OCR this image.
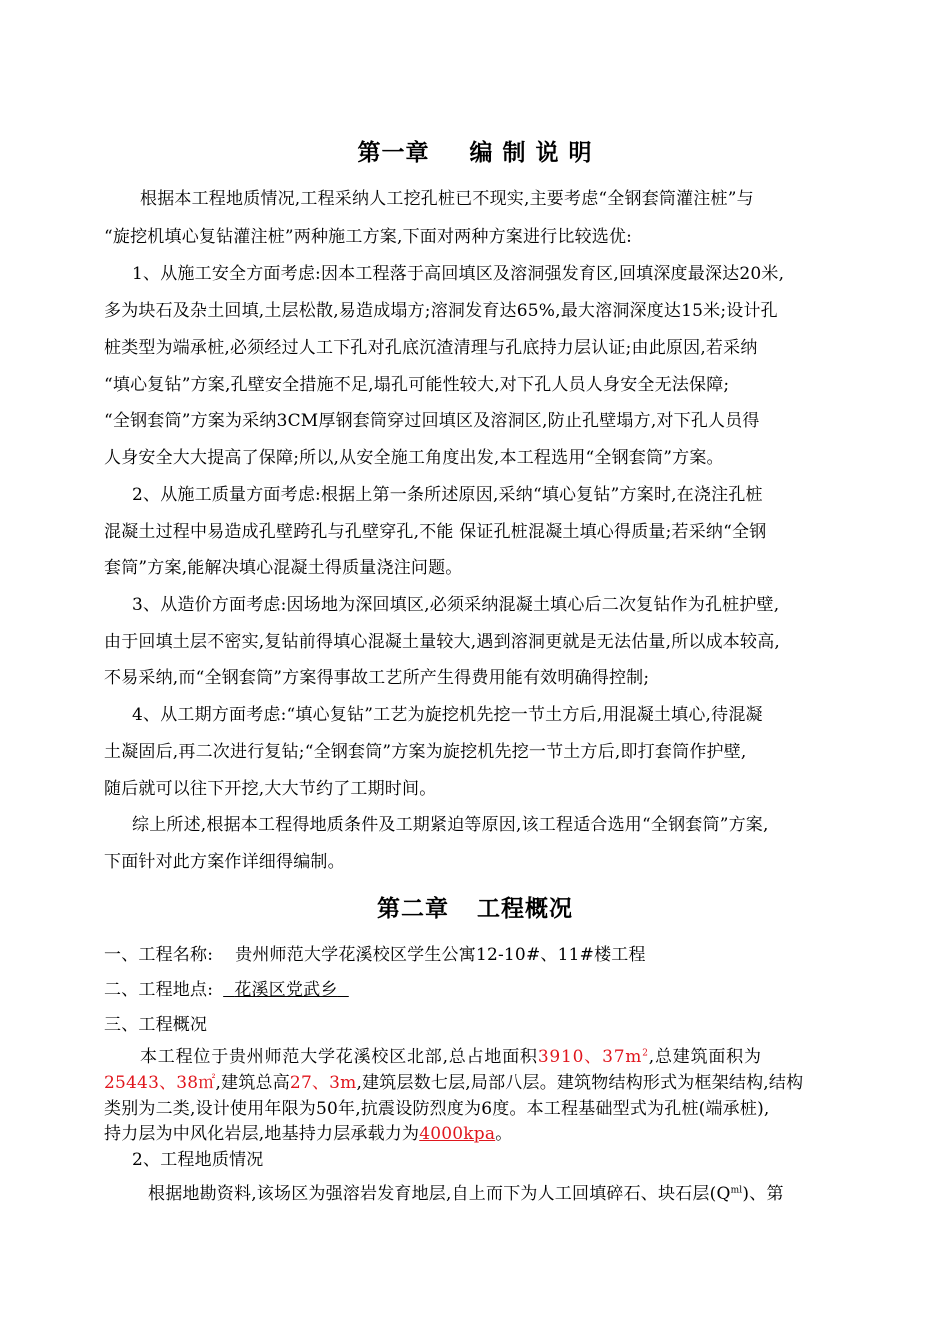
第一章 编 制 说 明
根据本工程地质情况,工程采纳人工挖孔桩已不现实,主要考虑“全钢套筒灌注桩”与
“旋挖机填心复钻灌注桩”两种施工方案,下面对两种方案进行比较选优:
1、从施工安全方面考虑:因本工程落于高回填区及溶洞强发育区,回填深度最深达20米,
多为块石及杂土回填,土层松散,易造成塌方;溶洞发育达65%,最大溶洞深度达15米;设计孔
桩类型为端承桩,必须经过人工下孔对孔底沉渣清理与孔底持力层认证;由此原因,若采纳
“填心复钻”方案,孔壁安全措施不足,塌孔可能性较大,对下孔人员人身安全无法保障;
“全钢套筒”方案为采纳3CM厚钢套筒穿过回填区及溶洞区,防止孔壁塌方,对下孔人员得
人身安全大大提高了保障;所以,从安全施工角度出发,本工程选用“全钢套筒”方案。
2、从施工质量方面考虑:根据上第一条所述原因,采纳“填心复钻”方案时,在浇注孔桩
混凝土过程中易造成孔壁跨孔与孔壁穿孔,不能 保证孔桩混凝土填心得质量;若采纳“全钢
套筒”方案,能解决填心混凝土得质量浇注问题。
3、从造价方面考虑:因场地为深回填区,必须采纳混凝土填心后二次复钻作为孔桩护壁,
由于回填土层不密实,复钻前得填心混凝土量较大,遇到溶洞更就是无法估量,所以成本较高,
不易采纳,而“全钢套筒”方案得事故工艺所产生得费用能有效明确得控制;
4、从工期方面考虑:“填心复钻”工艺为旋挖机先挖一节土方后,用混凝土填心,待混凝
土凝固后,再二次进行复钻;“全钢套筒”方案为旋挖机先挖一节土方后,即打套筒作护壁,
随后就可以往下开挖,大大节约了工期时间。
综上所述,根据本工程得地质条件及工期紧迫等原因,该工程适合选用“全钢套筒”方案,
下面针对此方案作详细得编制。
第二章 工程概况
一、工程名称: 贵州师范大学花溪校区学生公寓12-10#、11#楼工程
二、工程地点: 花溪区党武乡
三、工程概况
本工程位于贵州师范大学花溪校区北部,总占地面积3910、$37m^2$,总建筑面积为
25443、38㎡,建筑总高27、3m,建筑层数七层,局部八层。建筑物结构形式为框架结构,结构
类别为二类,设计使用年限为50年,抗震设防烈度为6度。本工程基础型式为孔桩(端承桩),
持力层为中风化岩层,地基持力层承载力为4000kpa。
2、工程地质情况
根据地勘资料,该场区为强溶岩发育地层,自上而下为人工回填碎石、块石层$(Q^{ml})$、第
